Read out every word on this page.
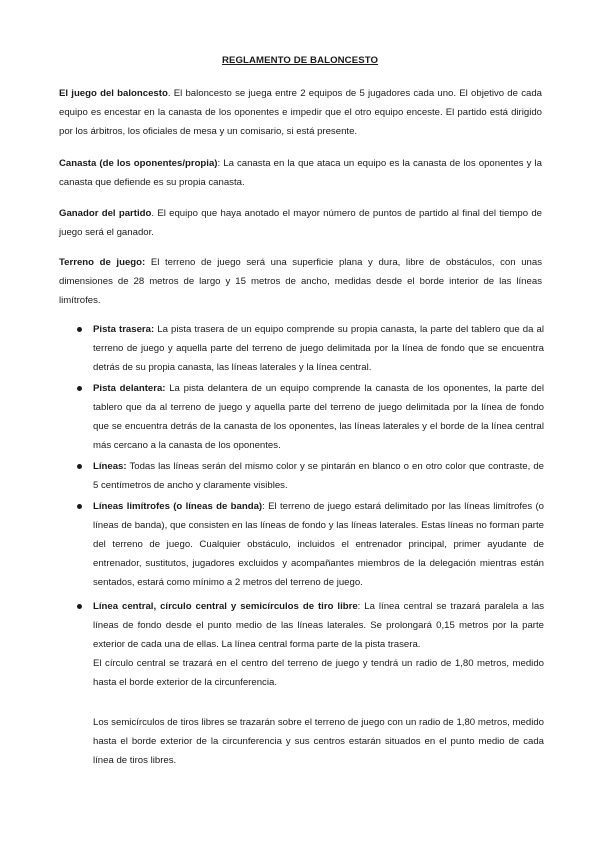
REGLAMENTO DE BALONCESTO

El juego del baloncesto. El baloncesto se juega entre 2 equipos de 5 jugadores cada uno. El objetivo de cada equipo es encestar en la canasta de los oponentes e impedir que el otro equipo enceste. El partido está dirigido por los árbitros, los oficiales de mesa y un comisario, si está presente.

Canasta (de los oponentes/propia): La canasta en la que ataca un equipo es la canasta de los oponentes y la canasta que defiende es su propia canasta.

Ganador del partido. El equipo que haya anotado el mayor número de puntos de partido al final del tiempo de juego será el ganador.

Terreno de juego: El terreno de juego será una superficie plana y dura, libre de obstáculos, con unas dimensiones de 28 metros de largo y 15 metros de ancho, medidas desde el borde interior de las líneas limítrofes.

Pista trasera: La pista trasera de un equipo comprende su propia canasta, la parte del tablero que da al terreno de juego y aquella parte del terreno de juego delimitada por la línea de fondo que se encuentra detrás de su propia canasta, las líneas laterales y la línea central.

Pista delantera: La pista delantera de un equipo comprende la canasta de los oponentes, la parte del tablero que da al terreno de juego y aquella parte del terreno de juego delimitada por la línea de fondo que se encuentra detrás de la canasta de los oponentes, las líneas laterales y el borde de la línea central más cercano a la canasta de los oponentes.

Líneas: Todas las líneas serán del mismo color y se pintarán en blanco o en otro color que contraste, de 5 centímetros de ancho y claramente visibles.

Líneas limítrofes (o líneas de banda): El terreno de juego estará delimitado por las líneas limítrofes (o líneas de banda), que consisten en las líneas de fondo y las líneas laterales. Estas líneas no forman parte del terreno de juego. Cualquier obstáculo, incluidos el entrenador principal, primer ayudante de entrenador, sustitutos, jugadores excluidos y acompañantes miembros de la delegación mientras están sentados, estará como mínimo a 2 metros del terreno de juego.

Línea central, círculo central y semicírculos de tiro libre: La línea central se trazará paralela a las líneas de fondo desde el punto medio de las líneas laterales. Se prolongará 0,15 metros por la parte exterior de cada una de ellas. La línea central forma parte de la pista trasera.
El círculo central se trazará en el centro del terreno de juego y tendrá un radio de 1,80 metros, medido hasta el borde exterior de la circunferencia.

Los semicírculos de tiros libres se trazarán sobre el terreno de juego con un radio de 1,80 metros, medido hasta el borde exterior de la circunferencia y sus centros estarán situados en el punto medio de cada línea de tiros libres.
